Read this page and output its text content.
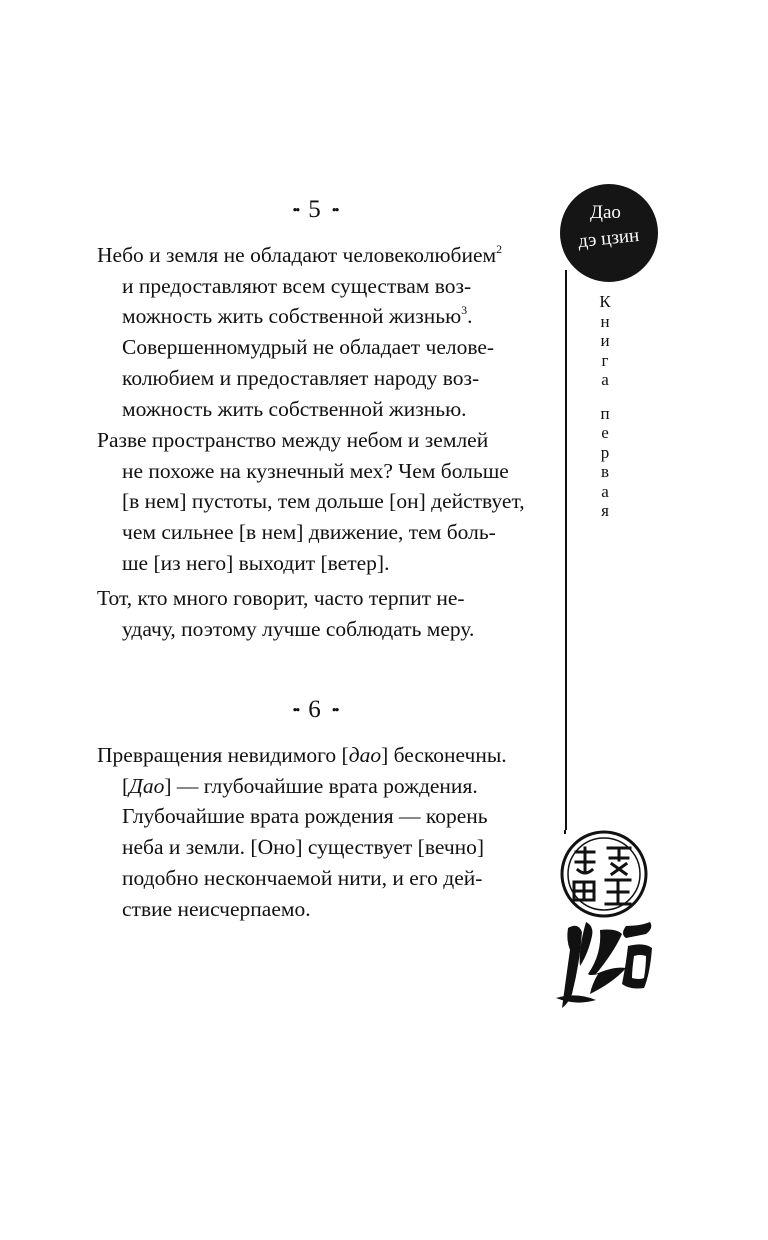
•• 5 ••
Небо и земля не обладают человеколюбием$^2$
и предоставляют всем существам воз-
можность жить собственной жизнью$^3$.
Совершенномудрый не обладает челове-
колюбием и предоставляет народу воз-
можность жить собственной жизнью.
Разве пространство между небом и землей
не похоже на кузнечный мех? Чем больше
[в нем] пустоты, тем дольше [он] действует,
чем сильнее [в нем] движение, тем боль-
ше [из него] выходит [ветер].
Тот, кто много говорит, часто терпит не-
удачу, поэтому лучше соблюдать меру.
•• 6 ••
Превращения невидимого [дао] бесконечны.
[Дао] — глубочайшие врата рождения.
Глубочайшие врата рождения — корень
неба и земли. [Оно] существует [вечно]
подобно нескончаемой нити, и его дей-
ствие неисчерпаемо.
Дао
дэ цзин
К
н
и
г
а
п
е
р
в
а
я
